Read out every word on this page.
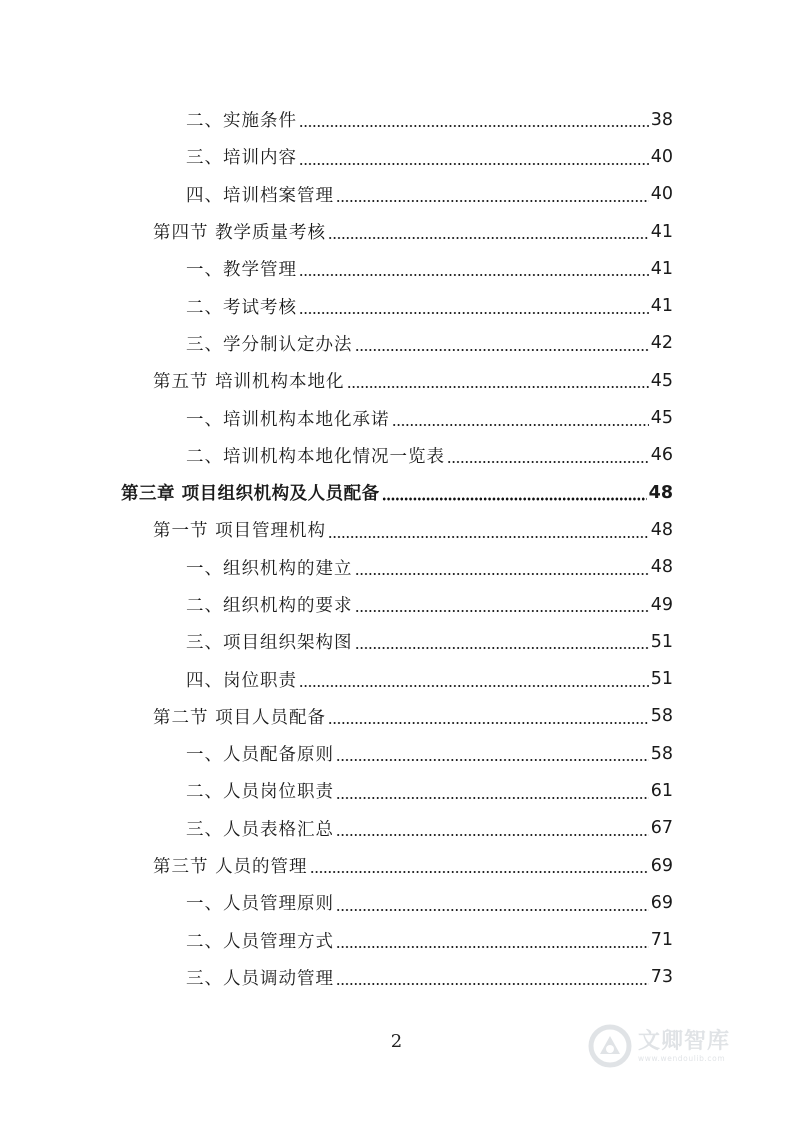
二、实施条件	38
三、培训内容	40
四、培训档案管理	40
第四节 教学质量考核	41
一、教学管理	41
二、考试考核	41
三、学分制认定办法	42
第五节 培训机构本地化	45
一、培训机构本地化承诺	45
二、培训机构本地化情况一览表	46
第三章 项目组织机构及人员配备	48
第一节 项目管理机构	48
一、组织机构的建立	48
二、组织机构的要求	49
三、项目组织架构图	51
四、岗位职责	51
第二节 项目人员配备	58
一、人员配备原则	58
二、人员岗位职责	61
三、人员表格汇总	67
第三节 人员的管理	69
一、人员管理原则	69
二、人员管理方式	71
三、人员调动管理	73
2	文卿智库
www.wendoulib.com
